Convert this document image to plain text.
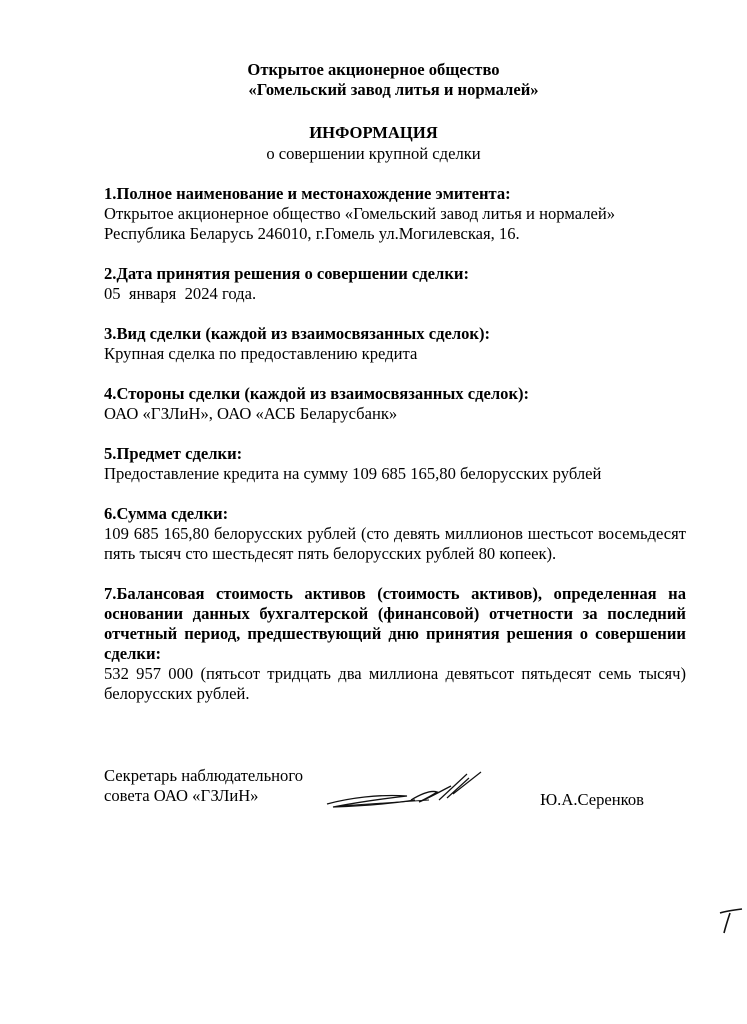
Открытое акционерное общество
«Гомельский завод литья и нормалей»
ИНФОРМАЦИЯ
о совершении крупной сделки
1.Полное наименование и местонахождение эмитента:
Открытое акционерное общество «Гомельский завод литья и нормалей»
Республика Беларусь 246010, г.Гомель ул.Могилевская, 16.
2.Дата принятия решения о совершении сделки:
05  января  2024 года.
3.Вид сделки (каждой из взаимосвязанных сделок):
Крупная сделка по предоставлению кредита
4.Стороны сделки (каждой из взаимосвязанных сделок):
ОАО «ГЗЛиН», ОАО «АСБ Беларусбанк»
5.Предмет сделки:
Предоставление кредита на сумму 109 685 165,80 белорусских рублей
6.Сумма сделки:
109 685 165,80 белорусских рублей (сто девять миллионов шестьсот восемьдесят пять тысяч сто шестьдесят пять белорусских рублей 80 копеек).
7.Балансовая стоимость активов (стоимость активов), определенная на основании данных бухгалтерской (финансовой) отчетности за последний отчетный период, предшествующий дню принятия решения о совершении сделки:
532 957 000 (пятьсот тридцать два миллиона девятьсот пятьдесят семь тысяч) белорусских рублей.
Секретарь наблюдательного
совета ОАО «ГЗЛиН»	Ю.А.Серенков
